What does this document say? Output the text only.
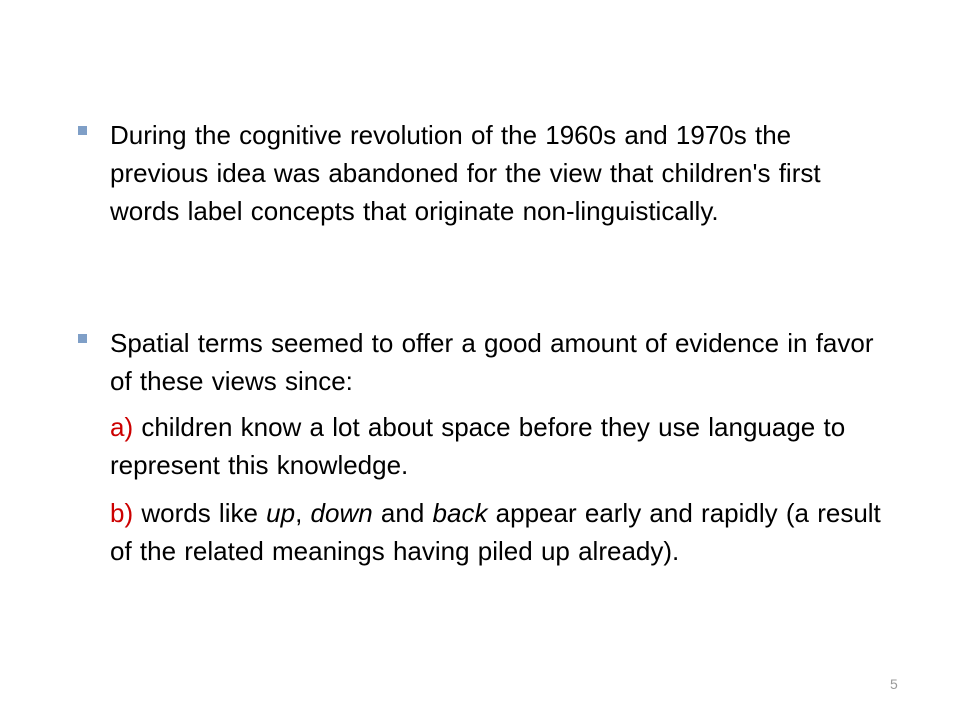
During the cognitive revolution of the 1960s and 1970s the previous idea was abandoned for the view that children's first words label concepts that originate non-linguistically.
Spatial terms seemed to offer a good amount of evidence in favor of these views since:
a) children know a lot about space before they use language to represent this knowledge.
b) words like up, down and back appear early and rapidly (a result of the related meanings having piled up already).
5
